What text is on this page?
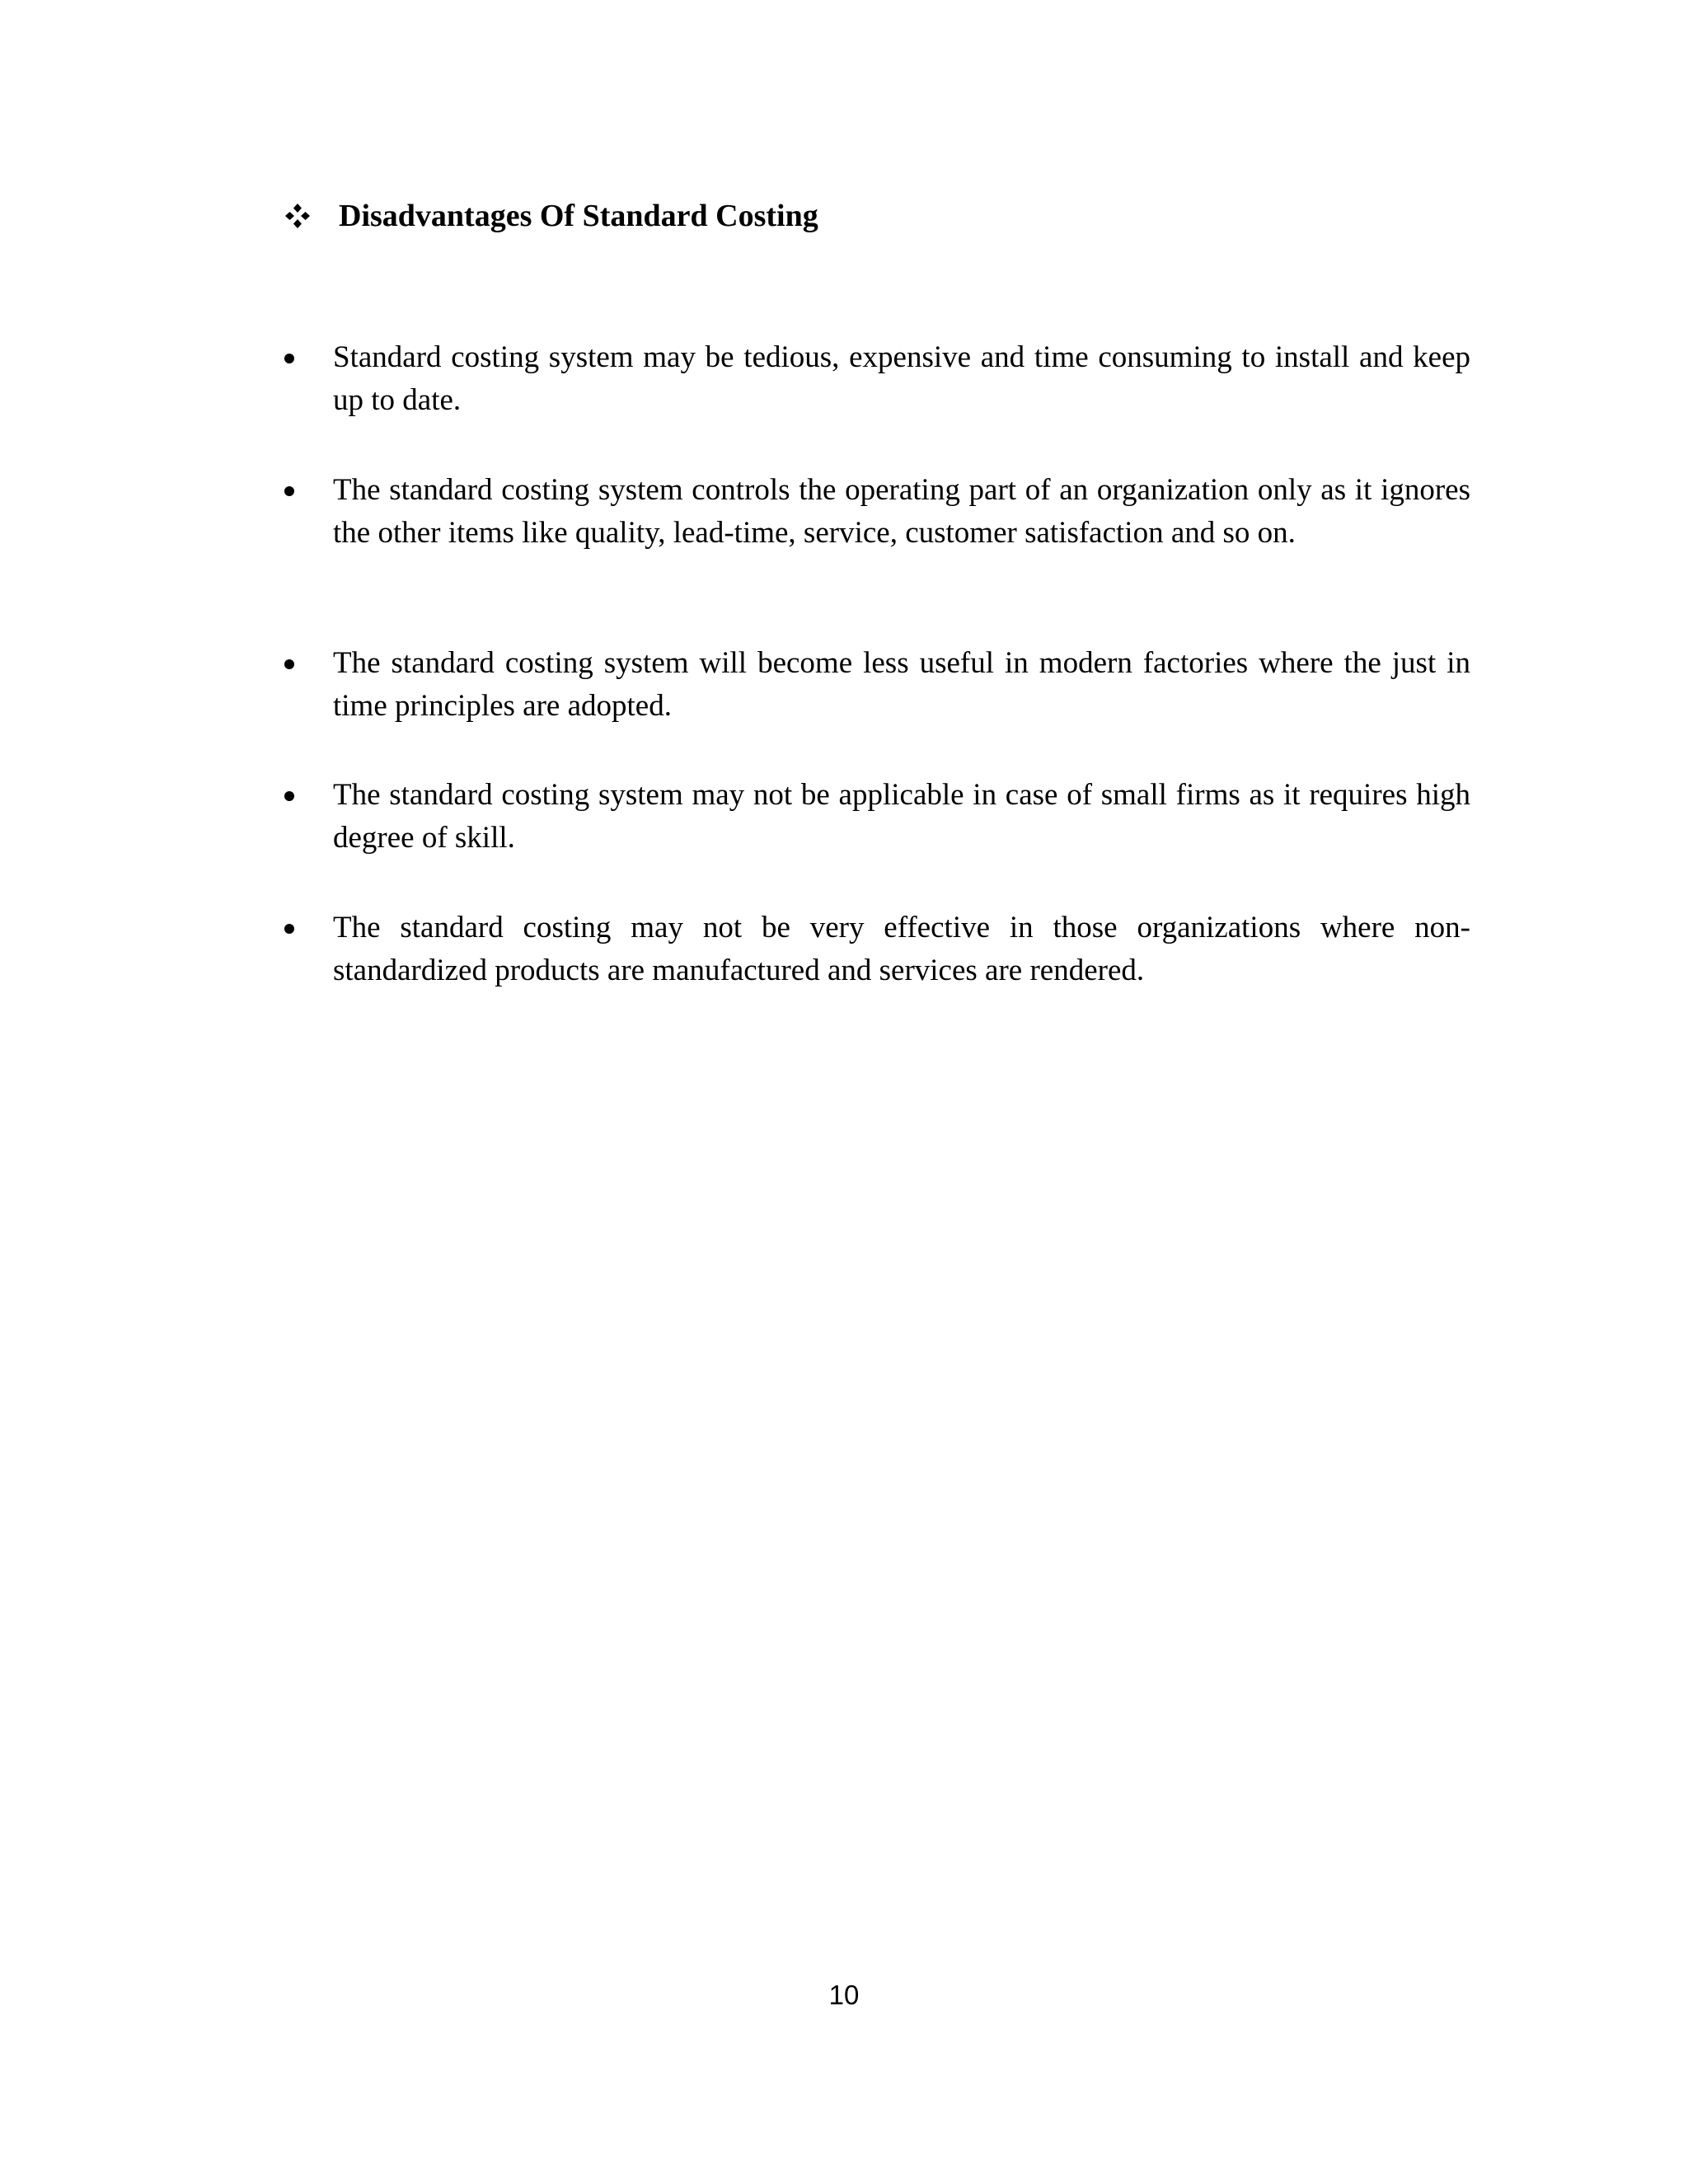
Disadvantages Of Standard Costing
Standard costing system may be tedious, expensive and time consuming to install and keep up to date.
The standard costing system controls the operating part of an organization only as it ignores the other items like quality, lead-time, service, customer satisfaction and so on.
The standard costing system will become less useful in modern factories where the just in time principles are adopted.
The standard costing system may not be applicable in case of small firms as it requires high degree of skill.
The standard costing may not be very effective in those organizations where non-standardized products are manufactured and services are rendered.
10
